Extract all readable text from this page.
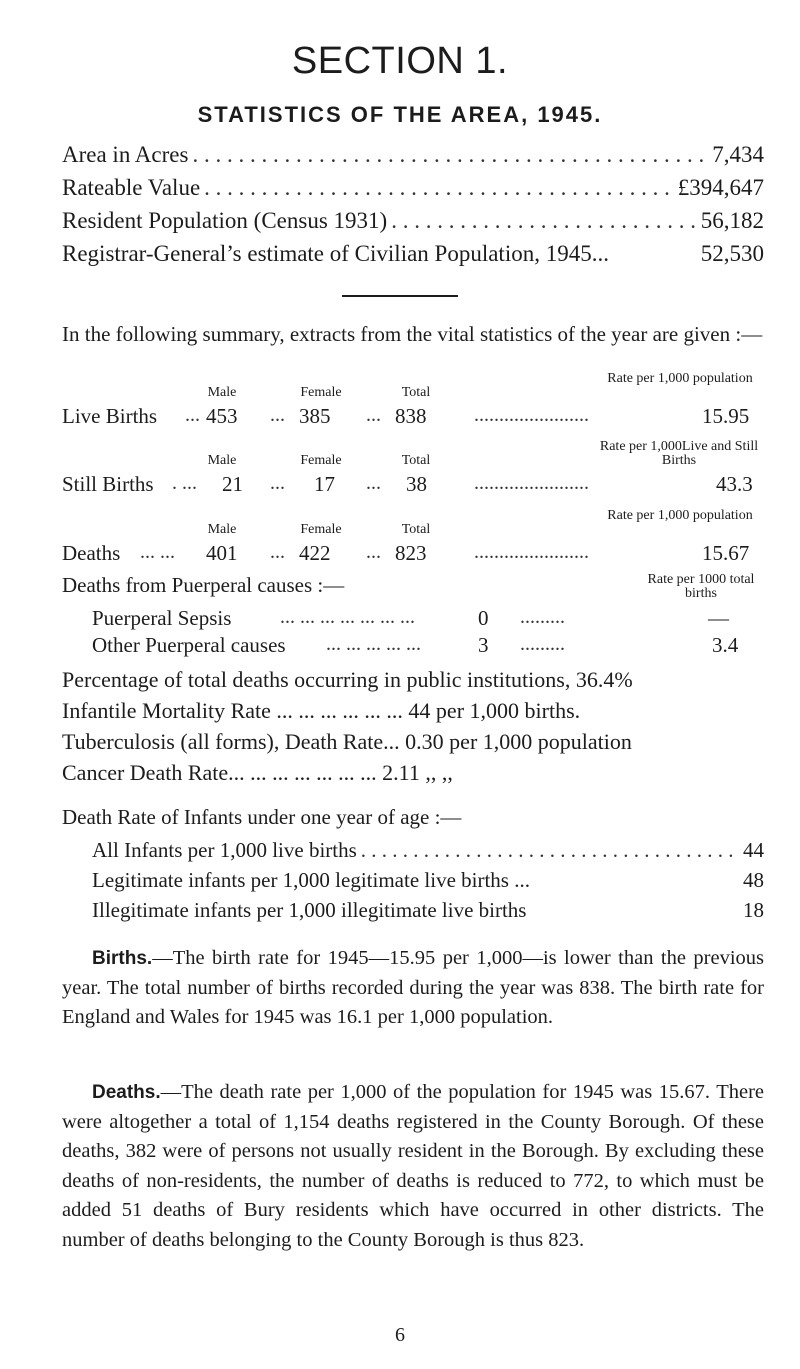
SECTION 1.
STATISTICS OF THE AREA, 1945.
Area in Acres . . .	7,434
Rateable Value . . .	£394,647
Resident Population (Census 1931) . . .	56,182
Registrar-General’s estimate of Civilian Population, 1945...	52,530
In the following summary, extracts from the vital statistics of the year are given :—
Male	Female	Total
Rate per 1,000 population
Live Births ... 453 ... 385 ... 838 .......................	15.95
Male	Female	Total
Rate per 1,000Live and Still Births
Still Births . ... 21 ... 17 ... 38 .......................	43.3
Male	Female	Total
Rate per 1,000 population
Deaths ... ... 401 ... 422 ... 823 .......................	15.67
Deaths from Puerperal causes :—	Rate per 1000 total births
Puerperal Sepsis ... ... ... ... ... ... ...	0 .........	—
Other Puerperal causes ... ... ... ... ...	3 .........	3.4
Percentage of total deaths occurring in public institutions, 36.4%
Infantile Mortality Rate ... ... ... ... ... ... 44 per 1,000 births.
Tuberculosis (all forms), Death Rate... 0.30 per 1,000 population
Cancer Death Rate... ... ... ... ... ... ... 2.11 ,, ,,
Death Rate of Infants under one year of age :—
All Infants per 1,000 live births . . .	44
Legitimate infants per 1,000 legitimate live births ...	48
Illegitimate infants per 1,000 illegitimate live births	18
Births.—The birth rate for 1945—15.95 per 1,000—is lower than the previous year. The total number of births recorded during the year was 838. The birth rate for England and Wales for 1945 was 16.1 per 1,000 population.
Deaths.—The death rate per 1,000 of the population for 1945 was 15.67. There were altogether a total of 1,154 deaths registered in the County Borough. Of these deaths, 382 were of persons not usually resident in the Borough. By excluding these deaths of non-residents, the number of deaths is reduced to 772, to which must be added 51 deaths of Bury residents which have occurred in other districts. The number of deaths belonging to the County Borough is thus 823.
6
